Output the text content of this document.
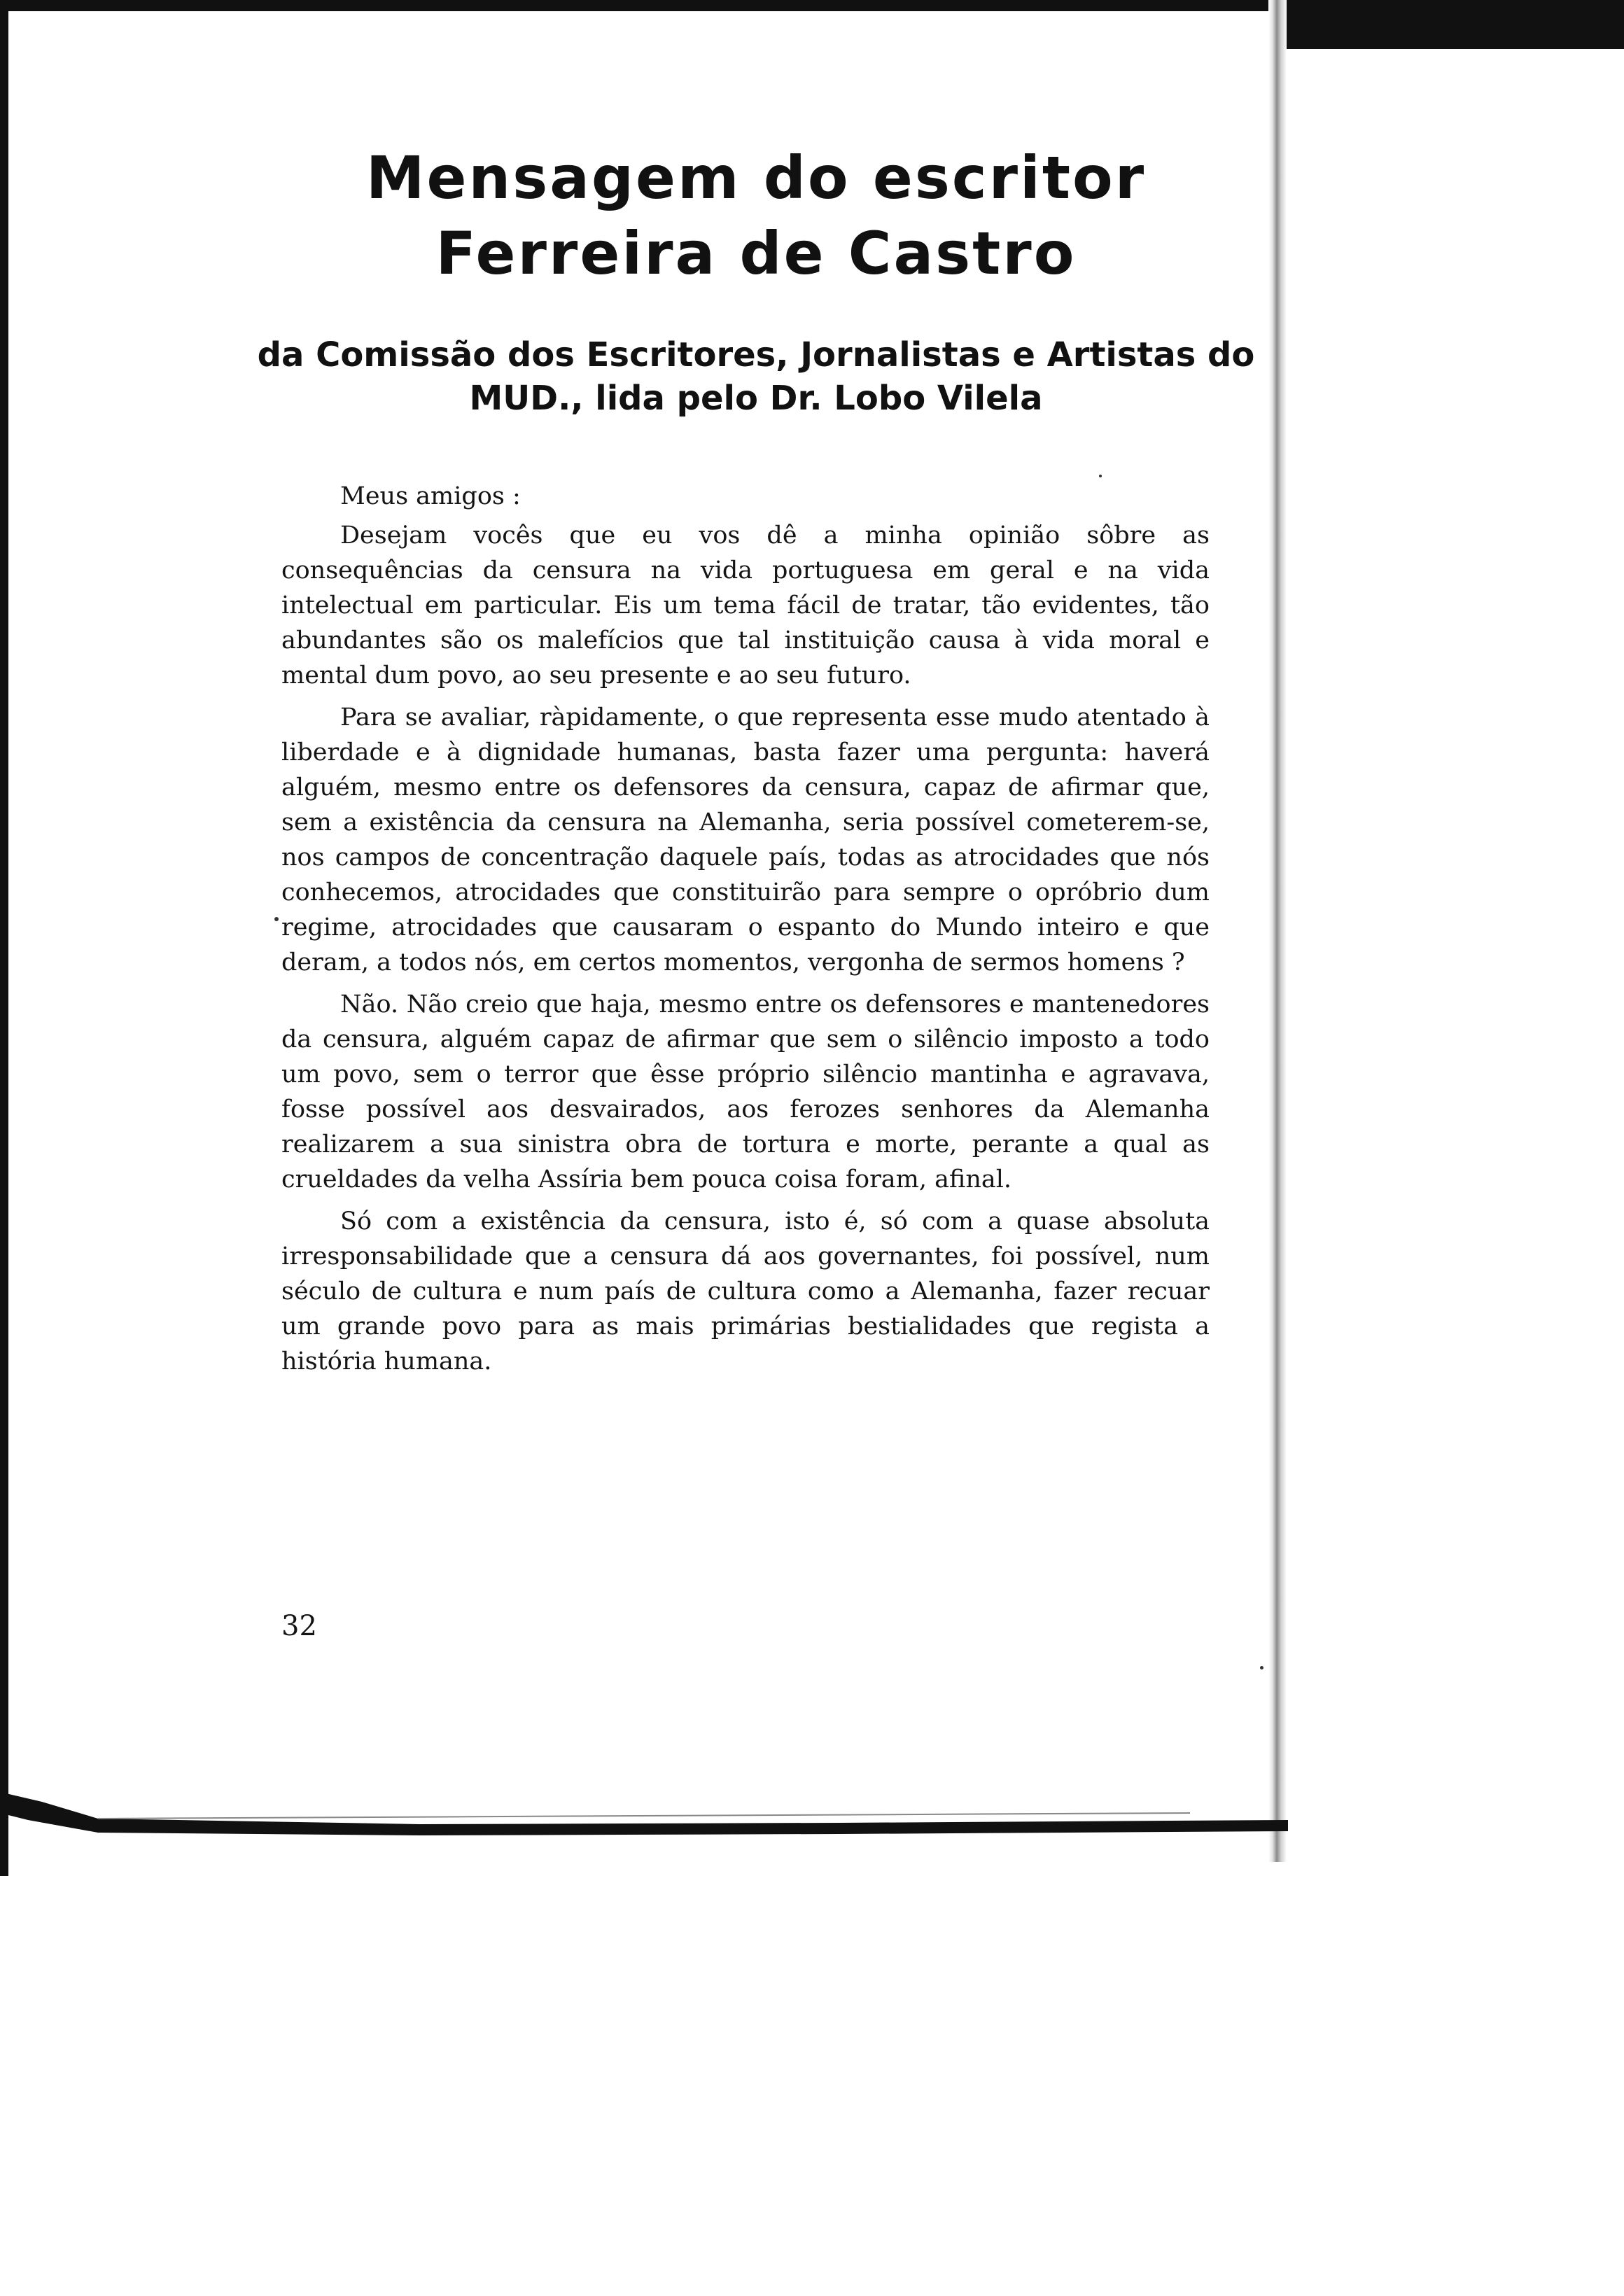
Mensagem do escritor Ferreira de Castro
da Comissão dos Escritores, Jornalistas e Artistas do MUD., lida pelo Dr. Lobo Vilela

Meus amigos :

Desejam vocês que eu vos dê a minha opinião sôbre as consequências da censura na vida portuguesa em geral e na vida intelectual em particular. Eis um tema fácil de tratar, tão evidentes, tão abundantes são os malefícios que tal instituição causa à vida moral e mental dum povo, ao seu presente e ao seu futuro.

Para se avaliar, ràpidamente, o que representa esse mudo atentado à liberdade e à dignidade humanas, basta fazer uma pergunta: haverá alguém, mesmo entre os defensores da censura, capaz de afirmar que, sem a existência da censura na Alemanha, seria possível cometerem-se, nos campos de concentração daquele país, todas as atrocidades que nós conhecemos, atrocidades que constituirão para sempre o opróbrio dum regime, atrocidades que causaram o espanto do Mundo inteiro e que deram, a todos nós, em certos momentos, vergonha de sermos homens ?

Não. Não creio que haja, mesmo entre os defensores e mantenedores da censura, alguém capaz de afirmar que sem o silêncio imposto a todo um povo, sem o terror que êsse próprio silêncio mantinha e agravava, fosse possível aos desvairados, aos ferozes senhores da Alemanha realizarem a sua sinistra obra de tortura e morte, perante a qual as crueldades da velha Assíria bem pouca coisa foram, afinal.

Só com a existência da censura, isto é, só com a quase absoluta irresponsabilidade que a censura dá aos governantes, foi possível, num século de cultura e num país de cultura como a Alemanha, fazer recuar um grande povo para as mais primárias bestialidades que regista a história humana.

32
